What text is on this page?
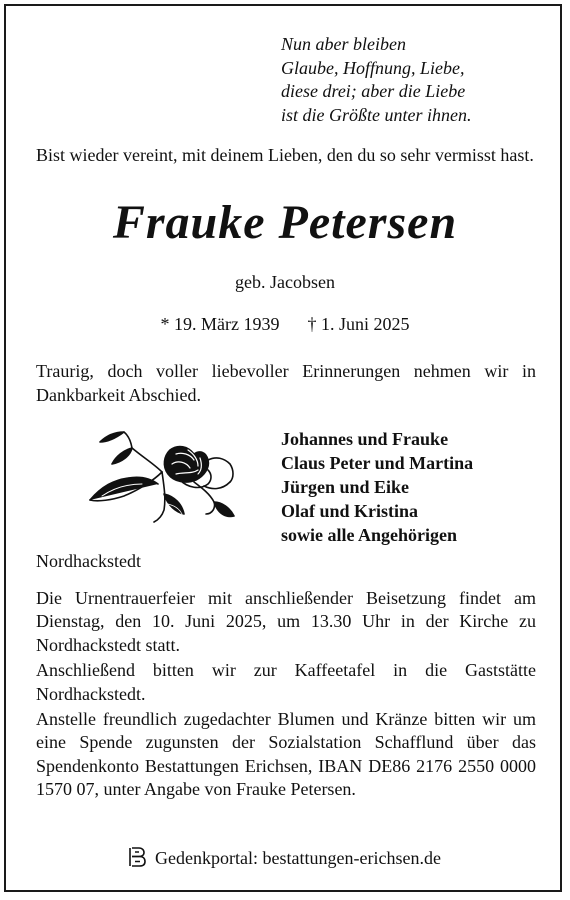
Nun aber bleiben
Glaube, Hoffnung, Liebe,
diese drei; aber die Liebe
ist die Größte unter ihnen.
Bist wieder vereint, mit deinem Lieben, den du so sehr vermisst hast.
Frauke Petersen
geb. Jacobsen
* 19. März 1939 † 1. Juni 2025
Traurig, doch voller liebevoller Erinnerungen nehmen wir in Dankbarkeit Abschied.
Johannes und Frauke
Claus Peter und Martina
Jürgen und Eike
Olaf und Kristina
sowie alle Angehörigen
Nordhackstedt

Die Urnentrauerfeier mit anschließender Beisetzung findet am Dienstag, den 10. Juni 2025, um 13.30 Uhr in der Kirche zu Nordhackstedt statt.

Anschließend bitten wir zur Kaffeetafel in die Gaststätte Nordhackstedt.

Anstelle freundlich zugedachter Blumen und Kränze bitten wir um eine Spende zugunsten der Sozialstation Schafflund über das Spendenkonto Bestattungen Erichsen, IBAN DE86 2176 2550 0000 1570 07, unter Angabe von Frauke Petersen.

Gedenkportal: bestattungen-erichsen.de
